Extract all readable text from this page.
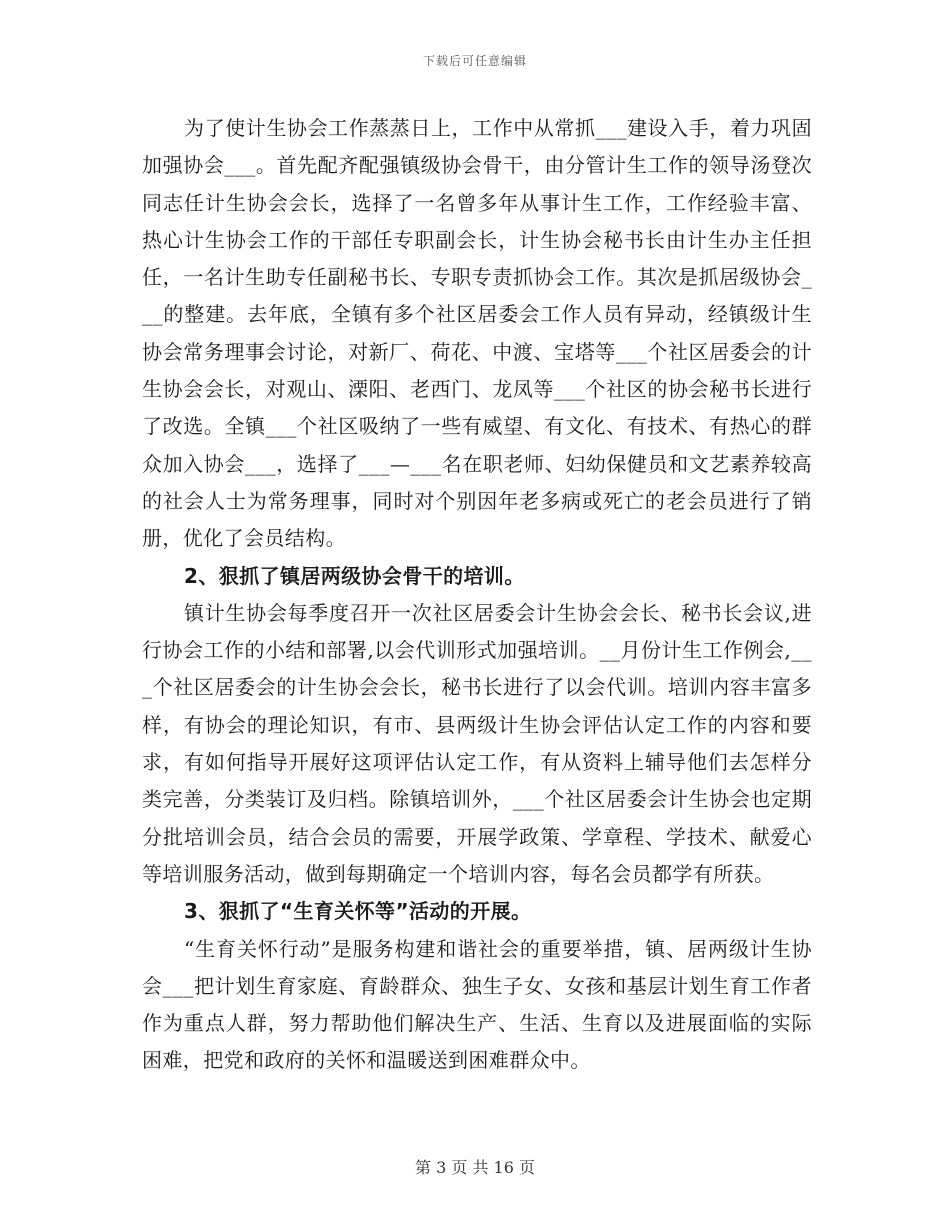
下载后可任意编辑

为了使计生协会工作蒸蒸日上，工作中从常抓___建设入手，着力巩固加强协会___。首先配齐配强镇级协会骨干，由分管计生工作的领导汤登次同志任计生协会会长，选择了一名曾多年从事计生工作，工作经验丰富、热心计生协会工作的干部任专职副会长，计生协会秘书长由计生办主任担任，一名计生助专任副秘书长、专职专责抓协会工作。其次是抓居级协会___的整建。去年底，全镇有多个社区居委会工作人员有异动，经镇级计生协会常务理事会讨论，对新厂、荷花、中渡、宝塔等___个社区居委会的计生协会会长，对观山、溧阳、老西门、龙凤等___个社区的协会秘书长进行了改选。全镇___个社区吸纳了一些有威望、有文化、有技术、有热心的群众加入协会___，选择了___—___名在职老师、妇幼保健员和文艺素养较高的社会人士为常务理事，同时对个别因年老多病或死亡的老会员进行了销册，优化了会员结构。

2、狠抓了镇居两级协会骨干的培训。

镇计生协会每季度召开一次社区居委会计生协会会长、秘书长会议,进行协会工作的小结和部署,以会代训形式加强培训。__月份计生工作例会,___个社区居委会的计生协会会长，秘书长进行了以会代训。培训内容丰富多样，有协会的理论知识，有市、县两级计生协会评估认定工作的内容和要求，有如何指导开展好这项评估认定工作，有从资料上辅导他们去怎样分类完善，分类装订及归档。除镇培训外，___个社区居委会计生协会也定期分批培训会员，结合会员的需要，开展学政策、学章程、学技术、献爱心等培训服务活动，做到每期确定一个培训内容，每名会员都学有所获。

3、狠抓了“生育关怀等”活动的开展。

“生育关怀行动”是服务构建和谐社会的重要举措，镇、居两级计生协会___把计划生育家庭、育龄群众、独生子女、女孩和基层计划生育工作者作为重点人群，努力帮助他们解决生产、生活、生育以及进展面临的实际困难，把党和政府的关怀和温暖送到困难群众中。

第 3 页 共 16 页
